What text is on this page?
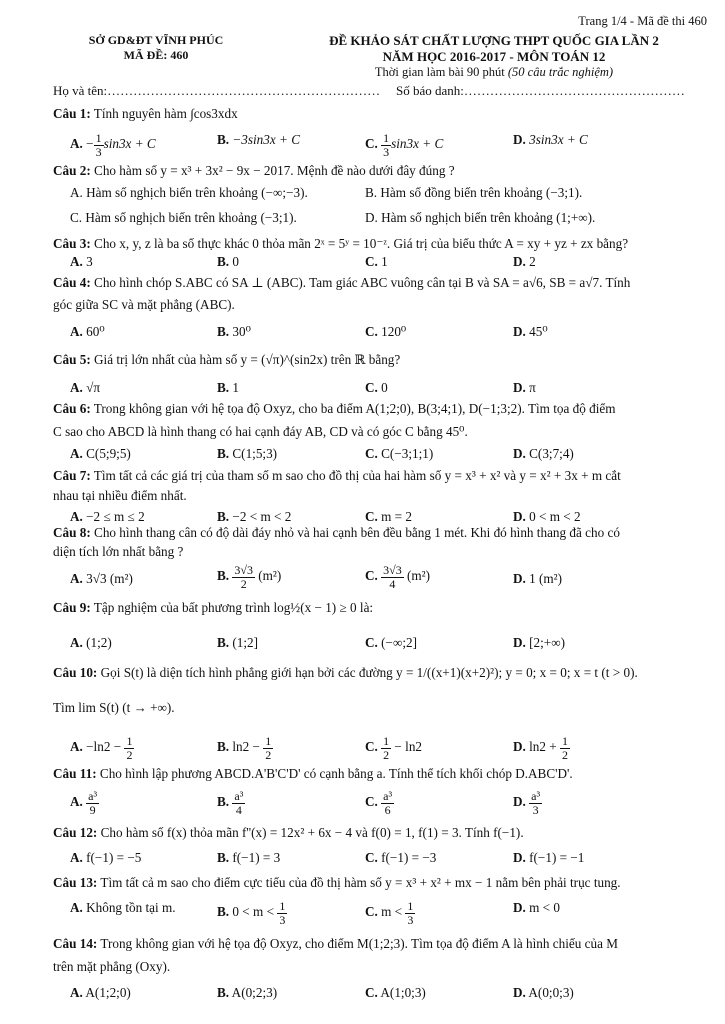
Trang 1/4 - Mã đề thi 460
SỞ GD&ĐT VĨNH PHÚC
MÃ ĐỀ: 460
ĐỀ KHẢO SÁT CHẤT LƯỢNG THPT QUỐC GIA LẦN 2
NĂM HỌC 2016-2017 - MÔN TOÁN 12
Thời gian làm bài 90 phút (50 câu trắc nghiệm)
Họ và tên:……………………………………………………… Số báo danh:……………………………………………
Câu 1: Tính nguyên hàm ∫cos3xdx
A. − $\frac{1}{3} \sin 3x + C$	B. −3sin3x + C	C. $\frac{1}{3} \sin 3x + C$	D. 3sin3x + C
Câu 2: Cho hàm số y = x³ + 3x² − 9x − 2017. Mệnh đề nào dưới đây đúng ?
A. Hàm số nghịch biến trên khoảng (−∞;−3).	B. Hàm số đồng biến trên khoảng (−3;1).
C. Hàm số nghịch biến trên khoảng (−3;1).	D. Hàm số nghịch biến trên khoảng (1;+∞).
Câu 3: Cho x, y, z là ba số thực khác 0 thỏa mãn 2ˣ = 5ʸ = 10⁻ᶻ. Giá trị của biểu thức A = xy + yz + zx bằng?
A. 3	B. 0	C. 1	D. 2
Câu 4: Cho hình chóp S.ABC có SA ⊥ (ABC). Tam giác ABC vuông cân tại B và SA = a√6, SB = a√7. Tính
góc giữa SC và mặt phẳng (ABC).
A. 60⁰	B. 30⁰	C. 120⁰	D. 45⁰
Câu 5: Giá trị lớn nhất của hàm số y = (√π)^(sin2x) trên ℝ bằng?
A. √π	B. 1	C. 0	D. π
Câu 6: Trong không gian với hệ tọa độ Oxyz, cho ba điểm A(1;2;0), B(3;4;1), D(−1;3;2). Tìm tọa độ điểm
C sao cho ABCD là hình thang có hai cạnh đáy AB, CD và có góc C bằng 45⁰.
A. C(5;9;5)	B. C(1;5;3)	C. C(−3;1;1)	D. C(3;7;4)
Câu 7: Tìm tất cả các giá trị của tham số m sao cho đồ thị của hai hàm số y = x³ + x² và y = x² + 3x + m cắt
nhau tại nhiều điểm nhất.
A. −2 ≤ m ≤ 2	B. −2 < m < 2	C. m = 2	D. 0 < m < 2
Câu 8: Cho hình thang cân có độ dài đáy nhỏ và hai cạnh bên đều bằng 1 mét. Khi đó hình thang đã cho có
diện tích lớn nhất bằng ?
A. 3√3 (m²)	B. $\frac{3√3}{2} (m^2)$	C. $\frac{3√3}{4} (m^2)$	D. 1 (m²)
Câu 9: Tập nghiệm của bất phương trình log½(x − 1) ≥ 0 là:
A. (1;2)	B. (1;2]	C. (−∞;2]	D. [2;+∞)
Câu 10: Gọi S(t) là diện tích hình phẳng giới hạn bởi các đường y = 1/((x+1)(x+2)²); y = 0; x = 0; x = t (t > 0).
Tìm lim S(t) (t → +∞).
A. $-\ln 2 - \frac{1}{2}$	B. $\ln 2 - \frac{1}{2}$	C. $\frac{1}{2} - \ln 2$	D. $\ln 2 + \frac{1}{2}$
Câu 11: Cho hình lập phương ABCD.A'B'C'D' có cạnh bằng a. Tính thể tích khối chóp D.ABC'D'.
A. $\frac{\text{a³}}{9}$	B. $\frac{\text{a³}}{4}$	C. $\frac{\text{a³}}{6}$	D. $\frac{\text{a³}}{3}$
Câu 12: Cho hàm số f(x) thỏa mãn f''(x) = 12x² + 6x − 4 và f(0) = 1, f(1) = 3. Tính f(−1).
A. f(−1) = −5	B. f(−1) = 3	C. f(−1) = −3	D. f(−1) = −1
Câu 13: Tìm tất cả m sao cho điểm cực tiểu của đồ thị hàm số y = x³ + x² + mx − 1 nằm bên phải trục tung.
A. Không tồn tại m.	B. $0 < m < \frac{1}{3}$	C. $m < \frac{1}{3}$	D. m < 0
Câu 14: Trong không gian với hệ tọa độ Oxyz, cho điểm M(1;2;3). Tìm tọa độ điểm A là hình chiếu của M
trên mặt phẳng (Oxy).
A. A(1;2;0)	B. A(0;2;3)	C. A(1;0;3)	D. A(0;0;3)
